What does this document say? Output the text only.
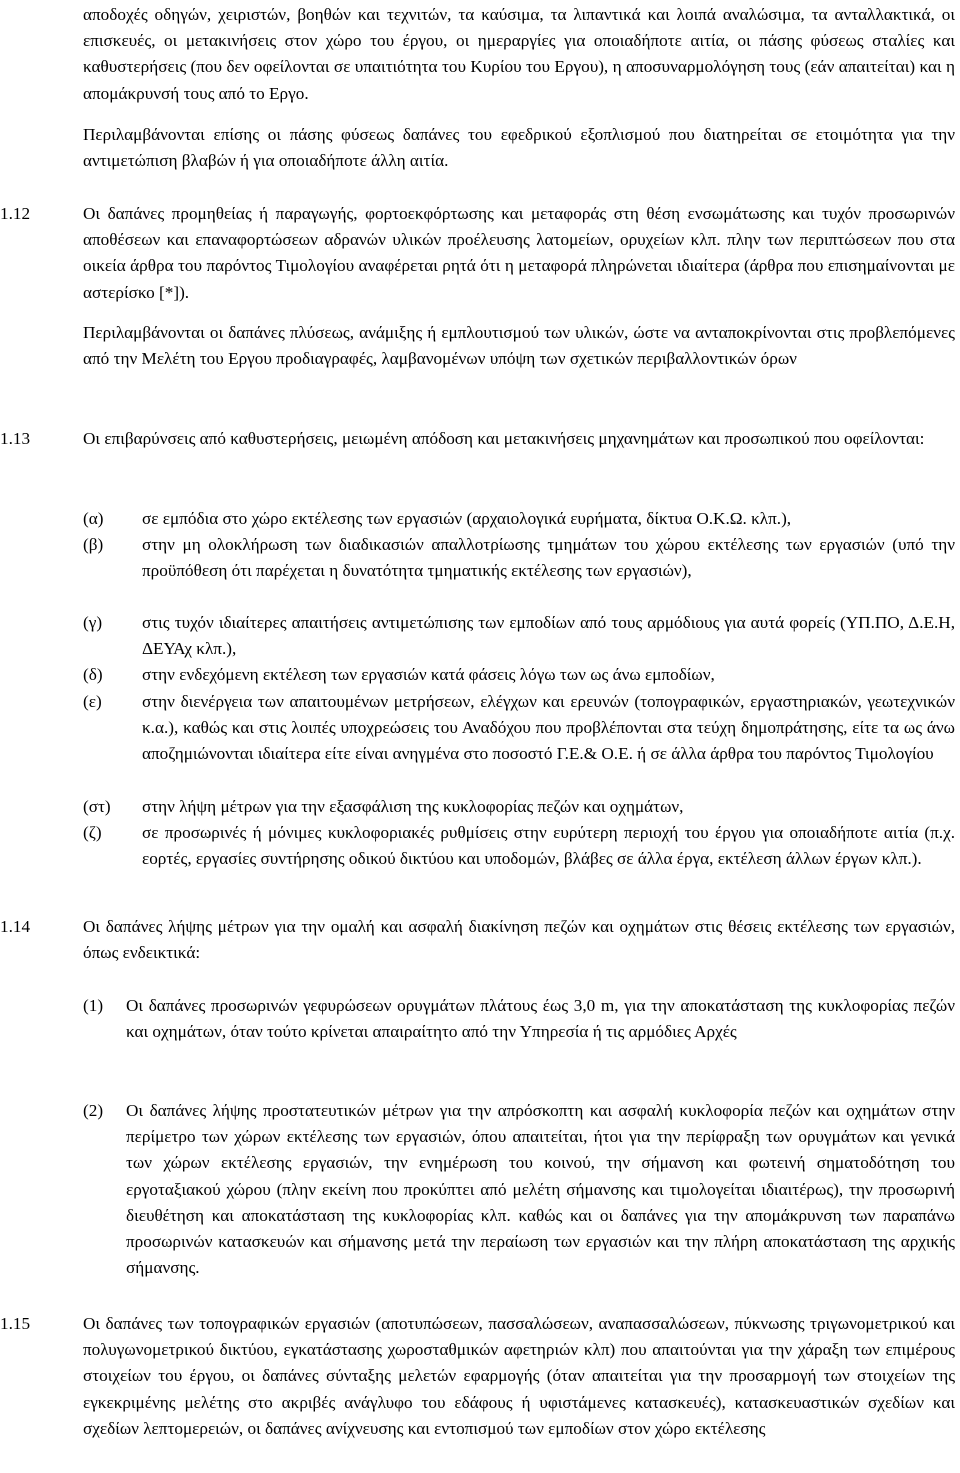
αποδοχές οδηγών, χειριστών, βοηθών και τεχνιτών, τα καύσιμα, τα λιπαντικά και λοιπά αναλώσιμα, τα ανταλλακτικά, οι επισκευές, οι μετακινήσεις στον χώρο του έργου, οι ημεραργίες για οποιαδήποτε αιτία, οι πάσης φύσεως σταλίες και καθυστερήσεις (που δεν οφείλονται σε υπαιτιότητα του Κυρίου του Εργου), η αποσυναρμολόγηση τους (εάν απαιτείται) και η απομάκρυνσή τους από το Εργο.

Περιλαμβάνονται επίσης οι πάσης φύσεως δαπάνες του εφεδρικού εξοπλισμού που διατηρείται σε ετοιμότητα για την αντιμετώπιση βλαβών ή για οποιαδήποτε άλλη αιτία.

1.12	Οι δαπάνες προμηθείας ή παραγωγής, φορτοεκφόρτωσης και μεταφοράς στη θέση ενσωμάτωσης και τυχόν προσωρινών αποθέσεων και επαναφορτώσεων αδρανών υλικών προέλευσης λατομείων, ορυχείων κλπ. πλην των περιπτώσεων που στα οικεία άρθρα του παρόντος Τιμολογίου αναφέρεται ρητά ότι η μεταφορά πληρώνεται ιδιαίτερα (άρθρα που επισημαίνονται με αστερίσκο [*]).

Περιλαμβάνονται οι δαπάνες πλύσεως, ανάμιξης ή εμπλουτισμού των υλικών, ώστε να ανταποκρίνονται στις προβλεπόμενες από την Μελέτη του Εργου προδιαγραφές, λαμβανομένων υπόψη των σχετικών περιβαλλοντικών όρων

1.13	Οι επιβαρύνσεις από καθυστερήσεις, μειωμένη απόδοση και μετακινήσεις μηχανημάτων και προσωπικού που οφείλονται:

(α) σε εμπόδια στο χώρο εκτέλεσης των εργασιών (αρχαιολογικά ευρήματα, δίκτυα Ο.Κ.Ω. κλπ.),

(β) στην μη ολοκλήρωση των διαδικασιών απαλλοτρίωσης τμημάτων του χώρου εκτέλεσης των εργασιών (υπό την προϋπόθεση ότι παρέχεται η δυνατότητα τμηματικής εκτέλεσης των εργασιών),

(γ) στις τυχόν ιδιαίτερες απαιτήσεις αντιμετώπισης των εμποδίων από τους αρμόδιους για αυτά φορείς (ΥΠ.ΠΟ, Δ.Ε.Η, ΔΕΥΑχ κλπ.),

(δ) στην ενδεχόμενη εκτέλεση των εργασιών κατά φάσεις λόγω των ως άνω εμποδίων,

(ε) στην διενέργεια των απαιτουμένων μετρήσεων, ελέγχων και ερευνών (τοπογραφικών, εργαστηριακών, γεωτεχνικών κ.α.), καθώς και στις λοιπές υποχρεώσεις του Αναδόχου που προβλέπονται στα τεύχη δημοπράτησης, είτε τα ως άνω αποζημιώνονται ιδιαίτερα είτε είναι ανηγμένα στο ποσοστό Γ.Ε.& Ο.Ε. ή σε άλλα άρθρα του παρόντος Τιμολογίου

(στ) στην λήψη μέτρων για την εξασφάλιση της κυκλοφορίας πεζών και οχημάτων,

(ζ) σε προσωρινές ή μόνιμες κυκλοφοριακές ρυθμίσεις στην ευρύτερη περιοχή του έργου για οποιαδήποτε αιτία (π.χ. εορτές, εργασίες συντήρησης οδικού δικτύου και υποδομών, βλάβες σε άλλα έργα, εκτέλεση άλλων έργων κλπ.).

1.14	Οι δαπάνες λήψης μέτρων για την ομαλή και ασφαλή διακίνηση πεζών και οχημάτων στις θέσεις εκτέλεσης των εργασιών, όπως ενδεικτικά:

(1) Οι δαπάνες προσωρινών γεφυρώσεων ορυγμάτων πλάτους έως 3,0 m, για την αποκατάσταση της κυκλοφορίας πεζών και οχημάτων, όταν τούτο κρίνεται απαιραίτητο από την Υπηρεσία ή τις αρμόδιες Αρχές

(2) Οι δαπάνες λήψης προστατευτικών μέτρων για την απρόσκοπτη και ασφαλή κυκλοφορία πεζών και οχημάτων στην περίμετρο των χώρων εκτέλεσης των εργασιών, όπου απαιτείται, ήτοι για την περίφραξη των ορυγμάτων και γενικά των χώρων εκτέλεσης εργασιών, την ενημέρωση του κοινού, την σήμανση και φωτεινή σηματοδότηση του εργοταξιακού χώρου (πλην εκείνη που προκύπτει από μελέτη σήμανσης και τιμολογείται ιδιαιτέρως), την προσωρινή διευθέτηση και αποκατάσταση της κυκλοφορίας κλπ. καθώς και οι δαπάνες για την απομάκρυνση των παραπάνω προσωρινών κατασκευών και σήμανσης μετά την περαίωση των εργασιών και την πλήρη αποκατάσταση της αρχικής σήμανσης.

1.15	Οι δαπάνες των τοπογραφικών εργασιών (αποτυπώσεων, πασσαλώσεων, αναπασσαλώσεων, πύκνωσης τριγωνομετρικού και πολυγωνομετρικού δικτύου, εγκατάστασης χωροσταθμικών αφετηριών κλπ) που απαιτούνται για την χάραξη των επιμέρους στοιχείων του έργου, οι δαπάνες σύνταξης μελετών εφαρμογής (όταν απαιτείται για την προσαρμογή των στοιχείων της εγκεκριμένης μελέτης στο ακριβές ανάγλυφο του εδάφους ή υφιστάμενες κατασκευές), κατασκευαστικών σχεδίων και σχεδίων λεπτομερειών, οι δαπάνες ανίχνευσης και εντοπισμού των εμποδίων στον χώρο εκτέλεσης
